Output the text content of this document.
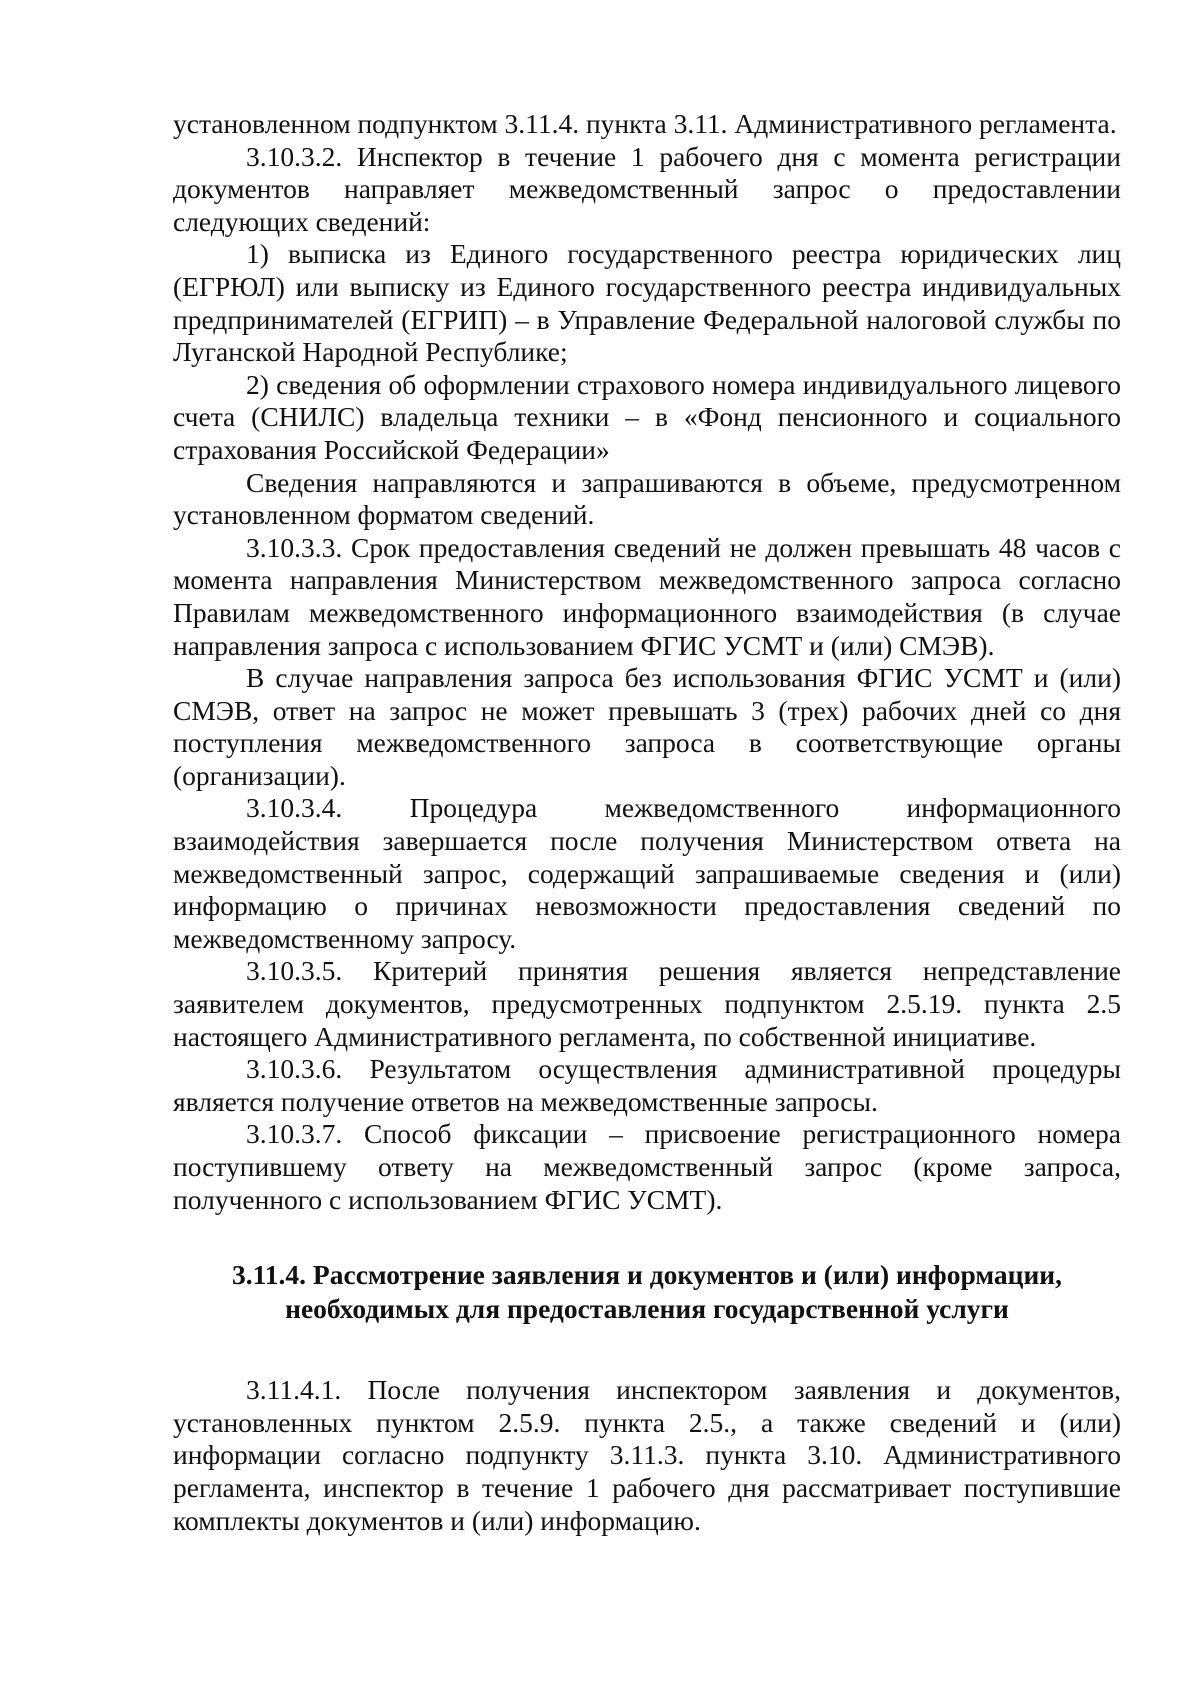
установленном подпунктом 3.11.4. пункта 3.11. Административного регламента.

3.10.3.2. Инспектор в течение 1 рабочего дня с момента регистрации документов направляет межведомственный запрос о предоставлении следующих сведений:

1) выписка из Единого государственного реестра юридических лиц (ЕГРЮЛ) или выписку из Единого государственного реестра индивидуальных предпринимателей (ЕГРИП) – в Управление Федеральной налоговой службы по Луганской Народной Республике;

2) сведения об оформлении страхового номера индивидуального лицевого счета (СНИЛС) владельца техники – в «Фонд пенсионного и социального страхования Российской Федерации»

Сведения направляются и запрашиваются в объеме, предусмотренном установленном форматом сведений.

3.10.3.3. Срок предоставления сведений не должен превышать 48 часов с момента направления Министерством межведомственного запроса согласно Правилам межведомственного информационного взаимодействия (в случае направления запроса с использованием ФГИС УСМТ и (или) СМЭВ).

В случае направления запроса без использования ФГИС УСМТ и (или) СМЭВ, ответ на запрос не может превышать 3 (трех) рабочих дней со дня поступления межведомственного запроса в соответствующие органы (организации).

3.10.3.4. Процедура межведомственного информационного взаимодействия завершается после получения Министерством ответа на межведомственный запрос, содержащий запрашиваемые сведения и (или) информацию о причинах невозможности предоставления сведений по межведомственному запросу.

3.10.3.5. Критерий принятия решения является непредставление заявителем документов, предусмотренных подпунктом 2.5.19. пункта 2.5 настоящего Административного регламента, по собственной инициативе.

3.10.3.6. Результатом осуществления административной процедуры является получение ответов на межведомственные запросы.

3.10.3.7. Способ фиксации – присвоение регистрационного номера поступившему ответу на межведомственный запрос (кроме запроса, полученного с использованием ФГИС УСМТ).

3.11.4. Рассмотрение заявления и документов и (или) информации,
необходимых для предоставления государственной услуги

3.11.4.1. После получения инспектором заявления и документов, установленных пунктом 2.5.9. пункта 2.5., а также сведений и (или) информации согласно подпункту 3.11.3. пункта 3.10. Административного регламента, инспектор в течение 1 рабочего дня рассматривает поступившие комплекты документов и (или) информацию.
